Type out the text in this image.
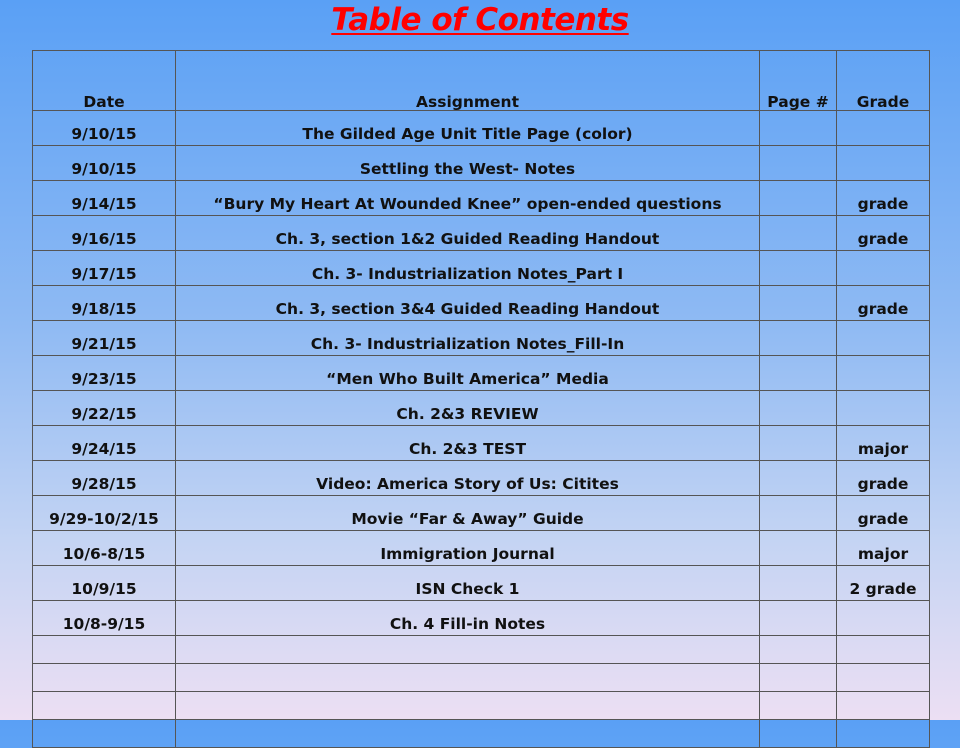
Table of Contents
Date	Assignment	Page #	Grade
9/10/15	The Gilded Age Unit Title Page (color)		
9/10/15	Settling the West- Notes		
9/14/15	“Bury My Heart At Wounded Knee” open-ended questions		grade
9/16/15	Ch. 3, section 1&2 Guided Reading Handout		grade
9/17/15	Ch. 3- Industrialization Notes_Part I		
9/18/15	Ch. 3, section 3&4 Guided Reading Handout		grade
9/21/15	Ch. 3- Industrialization Notes_Fill-In		
9/23/15	“Men Who Built America” Media		
9/22/15	Ch. 2&3 REVIEW		
9/24/15	Ch. 2&3 TEST		major
9/28/15	Video: America Story of Us: Citites		grade
9/29-10/2/15	Movie “Far & Away” Guide		grade
10/6-8/15	Immigration Journal		major
10/9/15	ISN Check 1		2 grade
10/8-9/15	Ch. 4 Fill-in Notes		
